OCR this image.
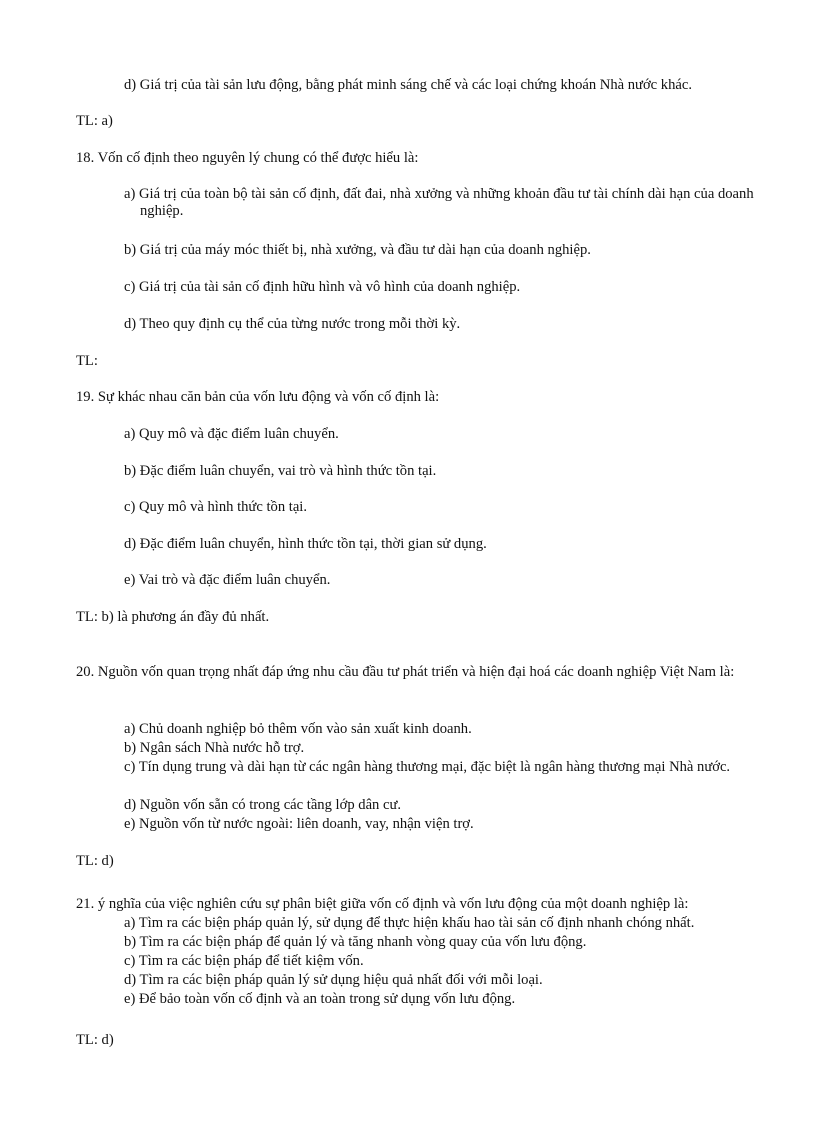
d) Giá trị của tài sản lưu động, bằng phát minh sáng chế và các loại chứng khoán Nhà nước khác.
TL: a)
18. Vốn cố định theo nguyên lý chung có thể được hiểu là:
a) Giá trị của toàn bộ tài sản cố định, đất đai, nhà xưởng và những khoản đầu tư tài chính dài hạn của doanh nghiệp.
b) Giá trị của máy móc thiết bị, nhà xưởng, và đầu tư dài hạn của doanh nghiệp.
c) Giá trị của tài sản cố định hữu hình và vô hình của doanh nghiệp.
d) Theo quy định cụ thể của từng nước trong mỗi thời kỳ.
TL:
19. Sự khác nhau căn bản của vốn lưu động và vốn cố định là:
a) Quy mô và đặc điểm luân chuyển.
b) Đặc điểm luân chuyển, vai trò và hình thức tồn tại.
c) Quy mô và hình thức tồn tại.
d) Đặc điểm luân chuyển, hình thức tồn tại, thời gian sử dụng.
e) Vai trò và đặc điểm luân chuyển.
TL: b) là phương án đầy đủ nhất.
20. Nguồn vốn quan trọng nhất đáp ứng nhu cầu đầu tư phát triển và hiện đại hoá các doanh nghiệp Việt Nam là:
a) Chủ doanh nghiệp bỏ thêm vốn vào sản xuất kinh doanh.
b) Ngân sách Nhà nước hỗ trợ.
c) Tín dụng trung và dài hạn từ các ngân hàng thương mại, đặc biệt là ngân hàng thương mại Nhà nước.
d) Nguồn vốn sẵn có trong các tầng lớp dân cư.
e) Nguồn vốn từ nước ngoài: liên doanh, vay, nhận viện trợ.
TL: d)
21. ý nghĩa của việc nghiên cứu sự phân biệt giữa vốn cố định và vốn lưu động của một doanh nghiệp là:
a) Tìm ra các biện pháp quản lý, sử dụng để thực hiện khấu hao tài sản cố định nhanh chóng nhất.
b) Tìm ra các biện pháp để quản lý và tăng nhanh vòng quay của vốn lưu động.
c) Tìm ra các biện pháp để tiết kiệm vốn.
d) Tìm ra các biện pháp quản lý sử dụng hiệu quả nhất đối với mỗi loại.
e) Để bảo toàn vốn cố định và an toàn trong sử dụng vốn lưu động.
TL: d)
